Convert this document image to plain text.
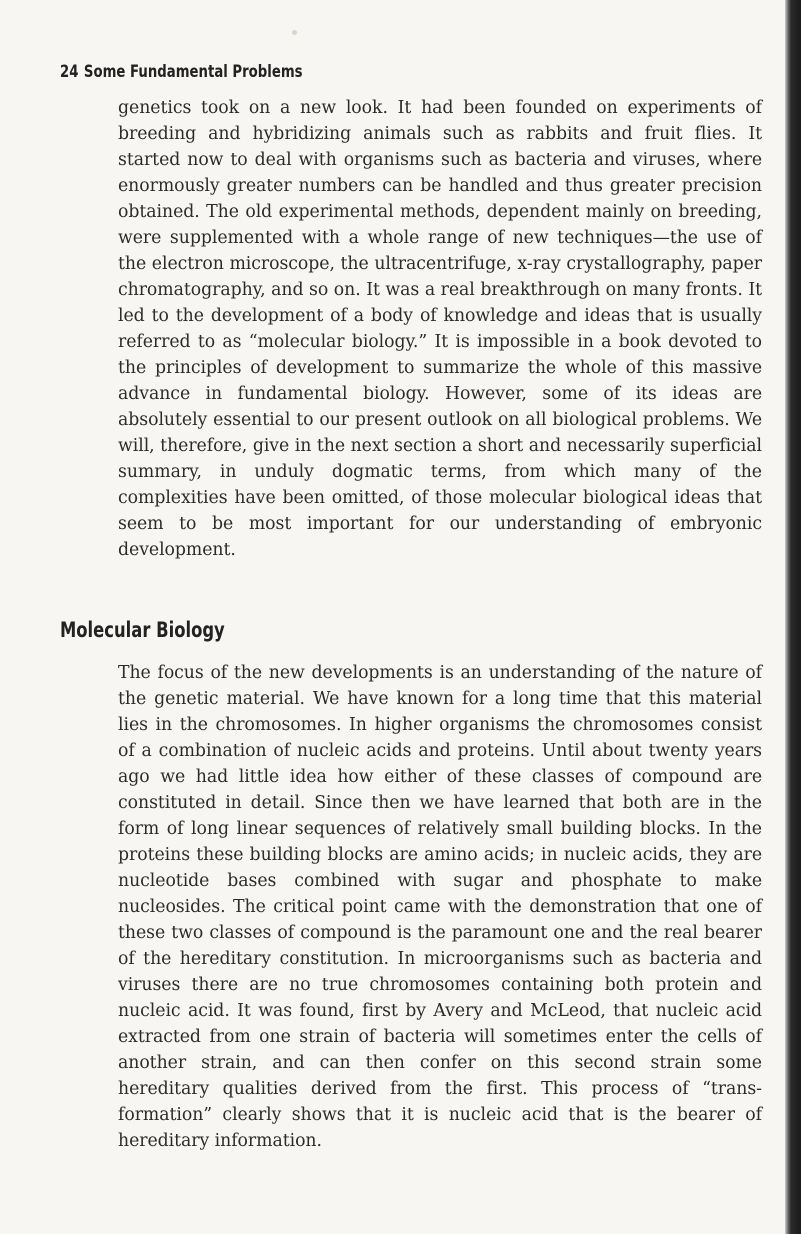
24 Some Fundamental Problems

genetics took on a new look. It had been founded on experiments of breeding and hybridizing animals such as rabbits and fruit flies. It started now to deal with organisms such as bacteria and viruses, where enormously greater numbers can be handled and thus greater precision obtained. The old experimental methods, dependent mainly on breeding, were supplemented with a whole range of new techniques—the use of the electron microscope, the ultracentrifuge, x-ray crystallography, paper chromatography, and so on. It was a real breakthrough on many fronts. It led to the development of a body of knowledge and ideas that is usually referred to as “molecular biology.” It is impossible in a book devoted to the principles of development to summarize the whole of this massive advance in fundamental biology. However, some of its ideas are absolutely essential to our present outlook on all biological problems. We will, therefore, give in the next section a short and necessarily superficial summary, in unduly dogmatic terms, from which many of the complexities have been omitted, of those molecular biological ideas that seem to be most important for our understanding of embryonic development.

Molecular Biology

The focus of the new developments is an understanding of the nature of the genetic material. We have known for a long time that this material lies in the chromosomes. In higher organisms the chromosomes consist of a combination of nucleic acids and proteins. Until about twenty years ago we had little idea how either of these classes of compound are constituted in detail. Since then we have learned that both are in the form of long linear sequences of relatively small building blocks. In the proteins these building blocks are amino acids; in nucleic acids, they are nucleotide bases combined with sugar and phosphate to make nucleosides. The critical point came with the demonstration that one of these two classes of compound is the paramount one and the real bearer of the hereditary constitution. In microorganisms such as bacteria and viruses there are no true chromosomes containing both protein and nucleic acid. It was found, first by Avery and McLeod, that nucleic acid extracted from one strain of bacteria will sometimes enter the cells of another strain, and can then confer on this second strain some hereditary qualities derived from the first. This process of “transformation” clearly shows that it is nucleic acid that is the bearer of hereditary information.
